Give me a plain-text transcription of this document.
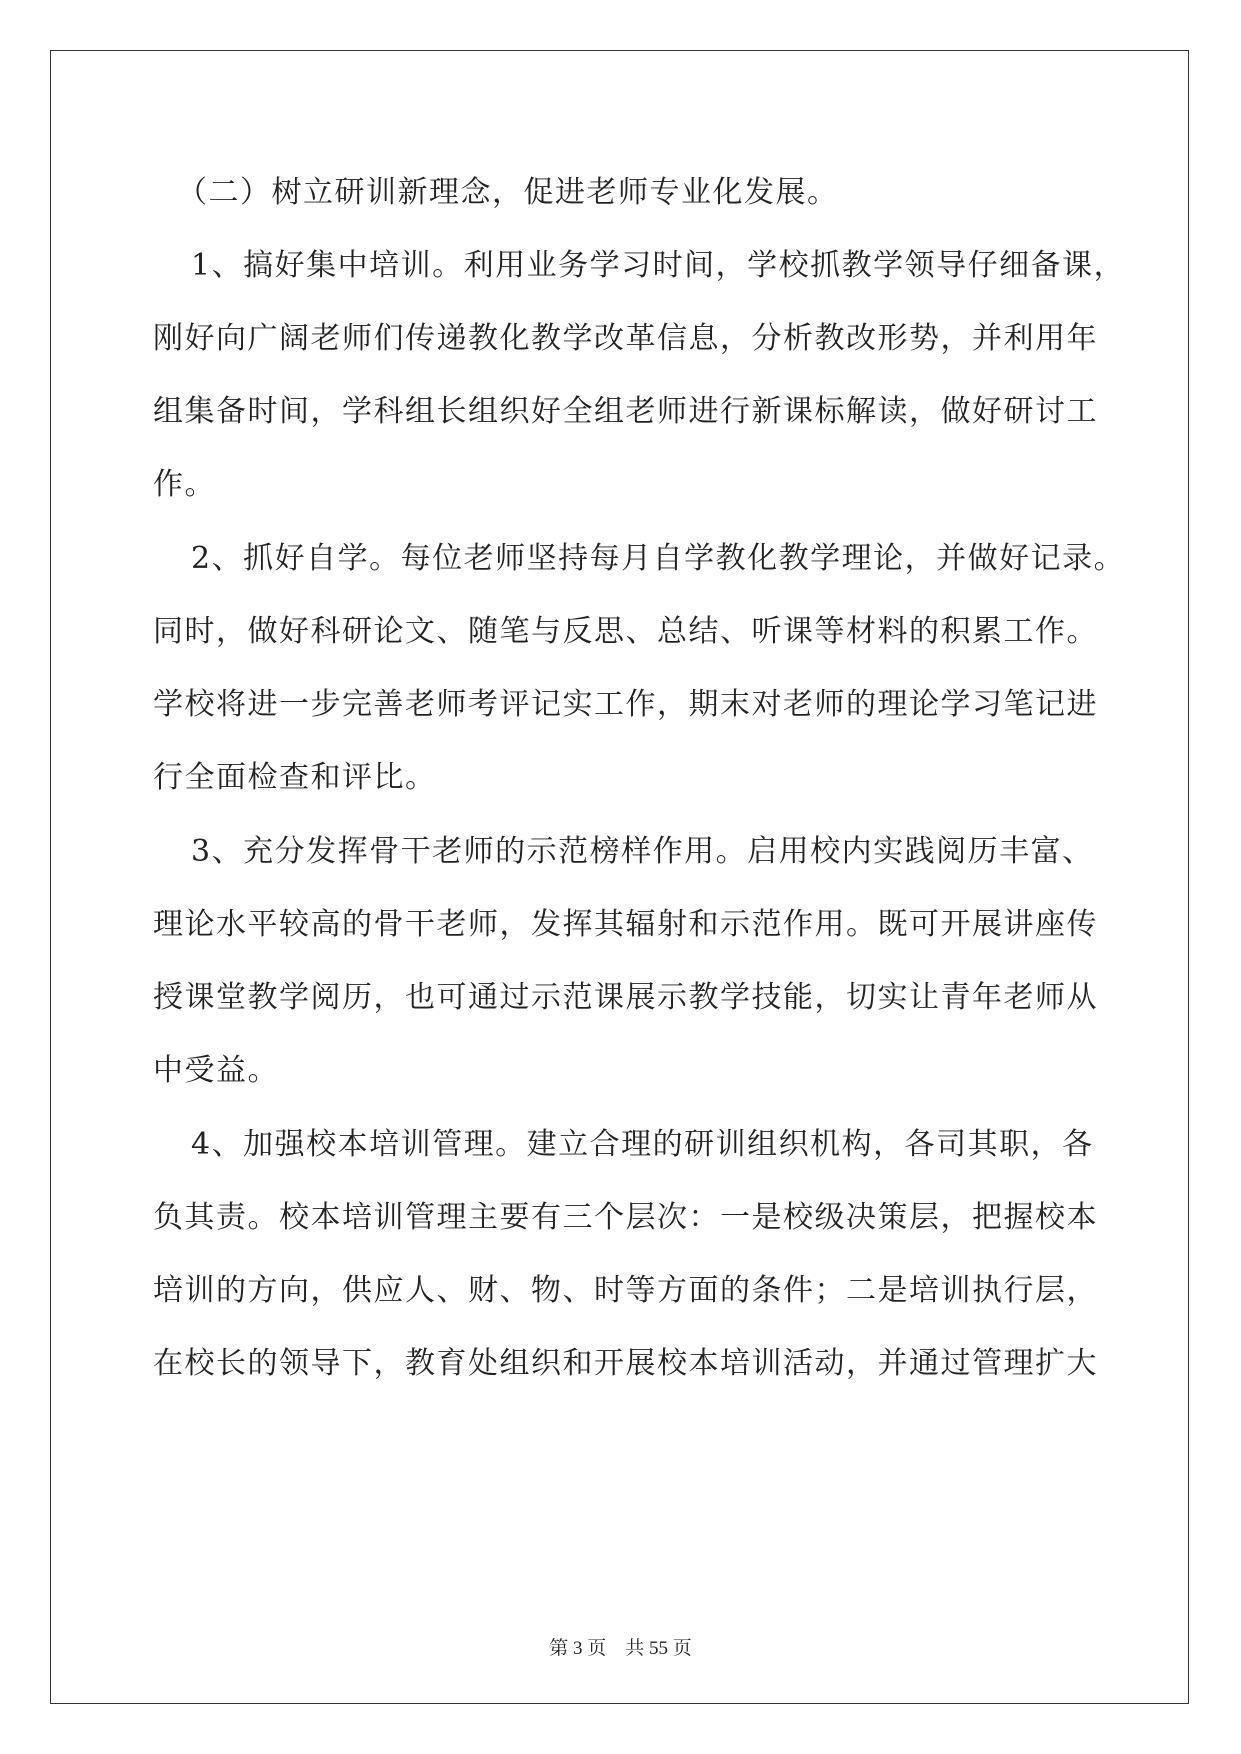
（二）树立研训新理念，促进老师专业化发展。
1、搞好集中培训。利用业务学习时间，学校抓教学领导仔细备课，
刚好向广阔老师们传递教化教学改革信息，分析教改形势，并利用年
组集备时间，学科组长组织好全组老师进行新课标解读，做好研讨工
作。
2、抓好自学。每位老师坚持每月自学教化教学理论，并做好记录。
同时，做好科研论文、随笔与反思、总结、听课等材料的积累工作。
学校将进一步完善老师考评记实工作，期末对老师的理论学习笔记进
行全面检查和评比。
3、充分发挥骨干老师的示范榜样作用。启用校内实践阅历丰富、
理论水平较高的骨干老师，发挥其辐射和示范作用。既可开展讲座传
授课堂教学阅历，也可通过示范课展示教学技能，切实让青年老师从
中受益。
4、加强校本培训管理。建立合理的研训组织机构，各司其职，各
负其责。校本培训管理主要有三个层次：一是校级决策层，把握校本
培训的方向，供应人、财、物、时等方面的条件；二是培训执行层，
在校长的领导下，教育处组织和开展校本培训活动，并通过管理扩大
第 3 页　共 55 页
